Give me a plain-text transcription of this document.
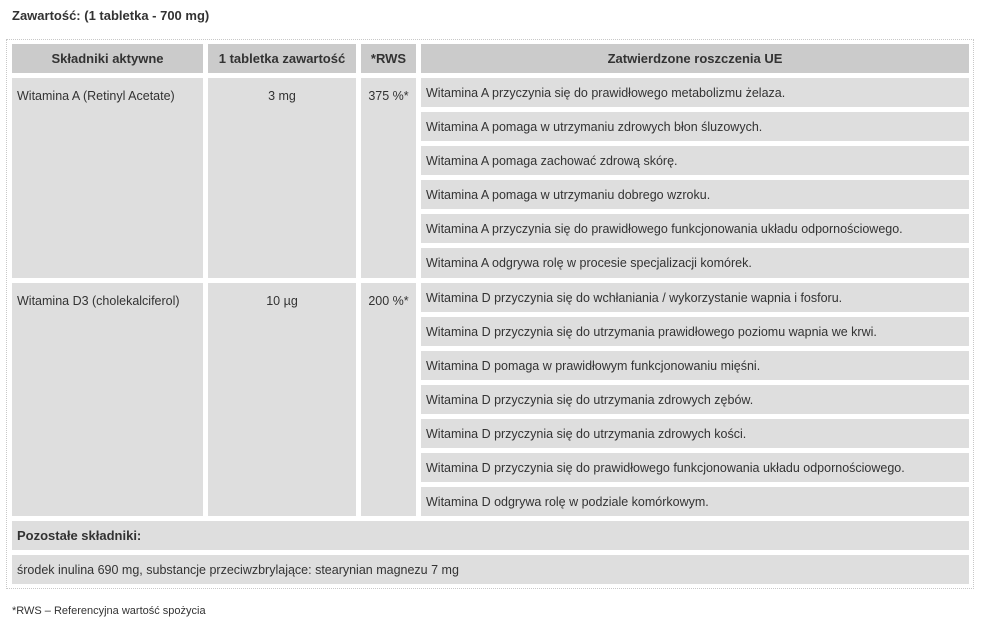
Zawartość: (1 tabletka - 700 mg)
Składniki aktywne	1 tabletka zawartość	*RWS	Zatwierdzone roszczenia UE
Witamina A (Retinyl Acetate)	3 mg	375 %*	Witamina A przyczynia się do prawidłowego metabolizmu żelaza.
Witamina A pomaga w utrzymaniu zdrowych błon śluzowych.
Witamina A pomaga zachować zdrową skórę.
Witamina A pomaga w utrzymaniu dobrego wzroku.
Witamina A przyczynia się do prawidłowego funkcjonowania układu odpornościowego.
Witamina A odgrywa rolę w procesie specjalizacji komórek.
Witamina D3 (cholekalciferol)	10 µg	200 %*	Witamina D przyczynia się do wchłaniania / wykorzystanie wapnia i fosforu.
Witamina D przyczynia się do utrzymania prawidłowego poziomu wapnia we krwi.
Witamina D pomaga w prawidłowym funkcjonowaniu mięśni.
Witamina D przyczynia się do utrzymania zdrowych zębów.
Witamina D przyczynia się do utrzymania zdrowych kości.
Witamina D przyczynia się do prawidłowego funkcjonowania układu odpornościowego.
Witamina D odgrywa rolę w podziale komórkowym.
Pozostałe składniki:
środek inulina 690 mg, substancje przeciwzbrylające: stearynian magnezu 7 mg
*RWS – Referencyjna wartość spożycia
